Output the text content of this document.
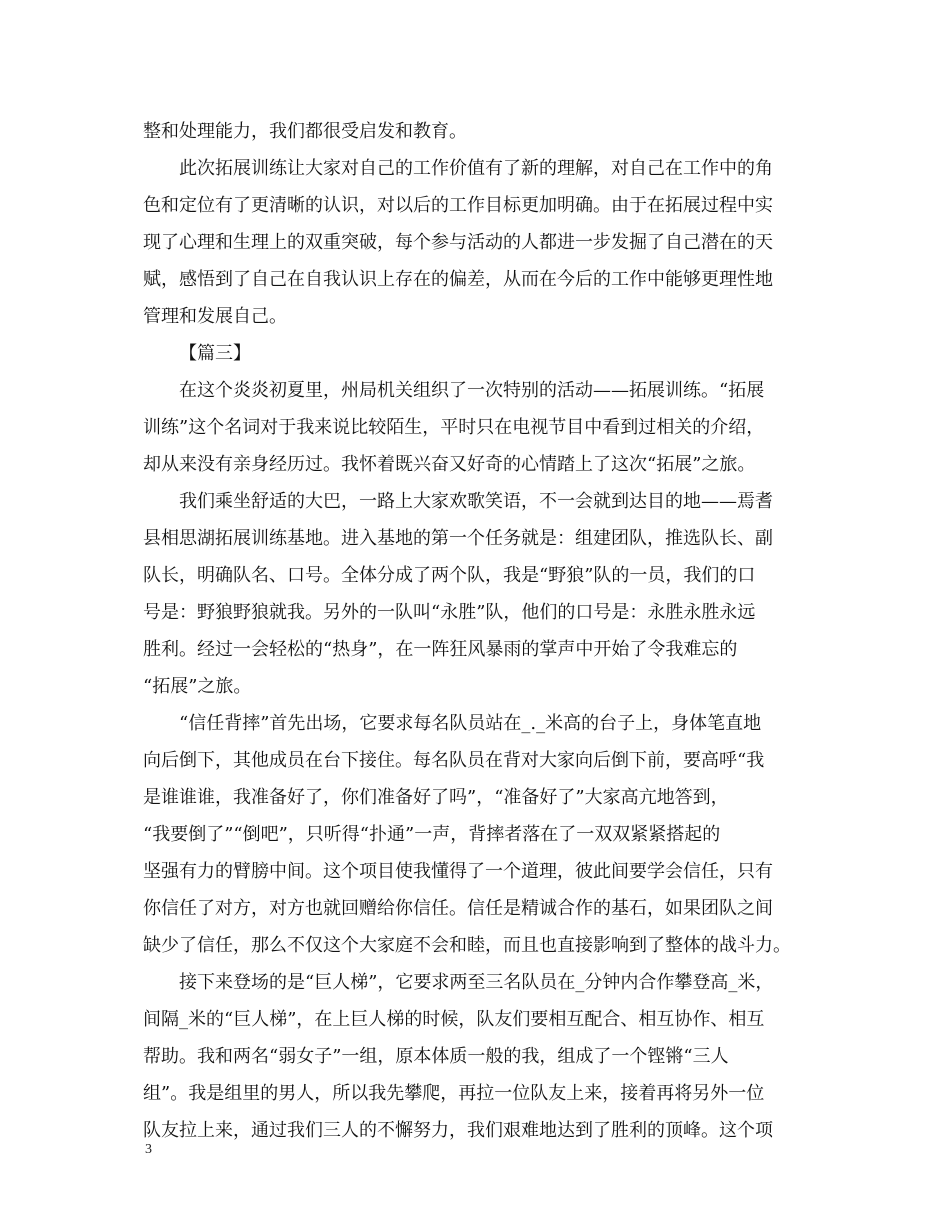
整和处理能力，我们都很受启发和教育。
此次拓展训练让大家对自己的工作价值有了新的理解，对自己在工作中的角
色和定位有了更清晰的认识，对以后的工作目标更加明确。由于在拓展过程中实
现了心理和生理上的双重突破，每个参与活动的人都进一步发掘了自己潜在的天
赋，感悟到了自己在自我认识上存在的偏差，从而在今后的工作中能够更理性地
管理和发展自己。
【篇三】
在这个炎炎初夏里，州局机关组织了一次特别的活动——拓展训练。“拓展
训练”这个名词对于我来说比较陌生，平时只在电视节目中看到过相关的介绍，
却从来没有亲身经历过。我怀着既兴奋又好奇的心情踏上了这次“拓展”之旅。
我们乘坐舒适的大巴，一路上大家欢歌笑语，不一会就到达目的地——焉耆
县相思湖拓展训练基地。进入基地的第一个任务就是：组建团队，推选队长、副
队长，明确队名、口号。全体分成了两个队，我是“野狼”队的一员，我们的口
号是：野狼野狼就我。另外的一队叫“永胜”队，他们的口号是：永胜永胜永远
胜利。经过一会轻松的“热身”，在一阵狂风暴雨的掌声中开始了令我难忘的
“拓展”之旅。
“信任背摔”首先出场，它要求每名队员站在_._米高的台子上，身体笔直地
向后倒下，其他成员在台下接住。每名队员在背对大家向后倒下前，要高呼“我
是谁谁谁，我准备好了，你们准备好了吗”，“准备好了”大家高亢地答到，
“我要倒了”“倒吧”，只听得“扑通”一声，背摔者落在了一双双紧紧搭起的
坚强有力的臂膀中间。这个项目使我懂得了一个道理，彼此间要学会信任，只有
你信任了对方，对方也就回赠给你信任。信任是精诚合作的基石，如果团队之间
缺少了信任，那么不仅这个大家庭不会和睦，而且也直接影响到了整体的战斗力。
接下来登场的是“巨人梯”，它要求两至三名队员在_分钟内合作攀登高_米，
间隔_米的“巨人梯”，在上巨人梯的时候，队友们要相互配合、相互协作、相互
帮助。我和两名“弱女子”一组，原本体质一般的我，组成了一个铿锵“三人
组”。我是组里的男人，所以我先攀爬，再拉一位队友上来，接着再将另外一位
队友拉上来，通过我们三人的不懈努力，我们艰难地达到了胜利的顶峰。这个项
3
